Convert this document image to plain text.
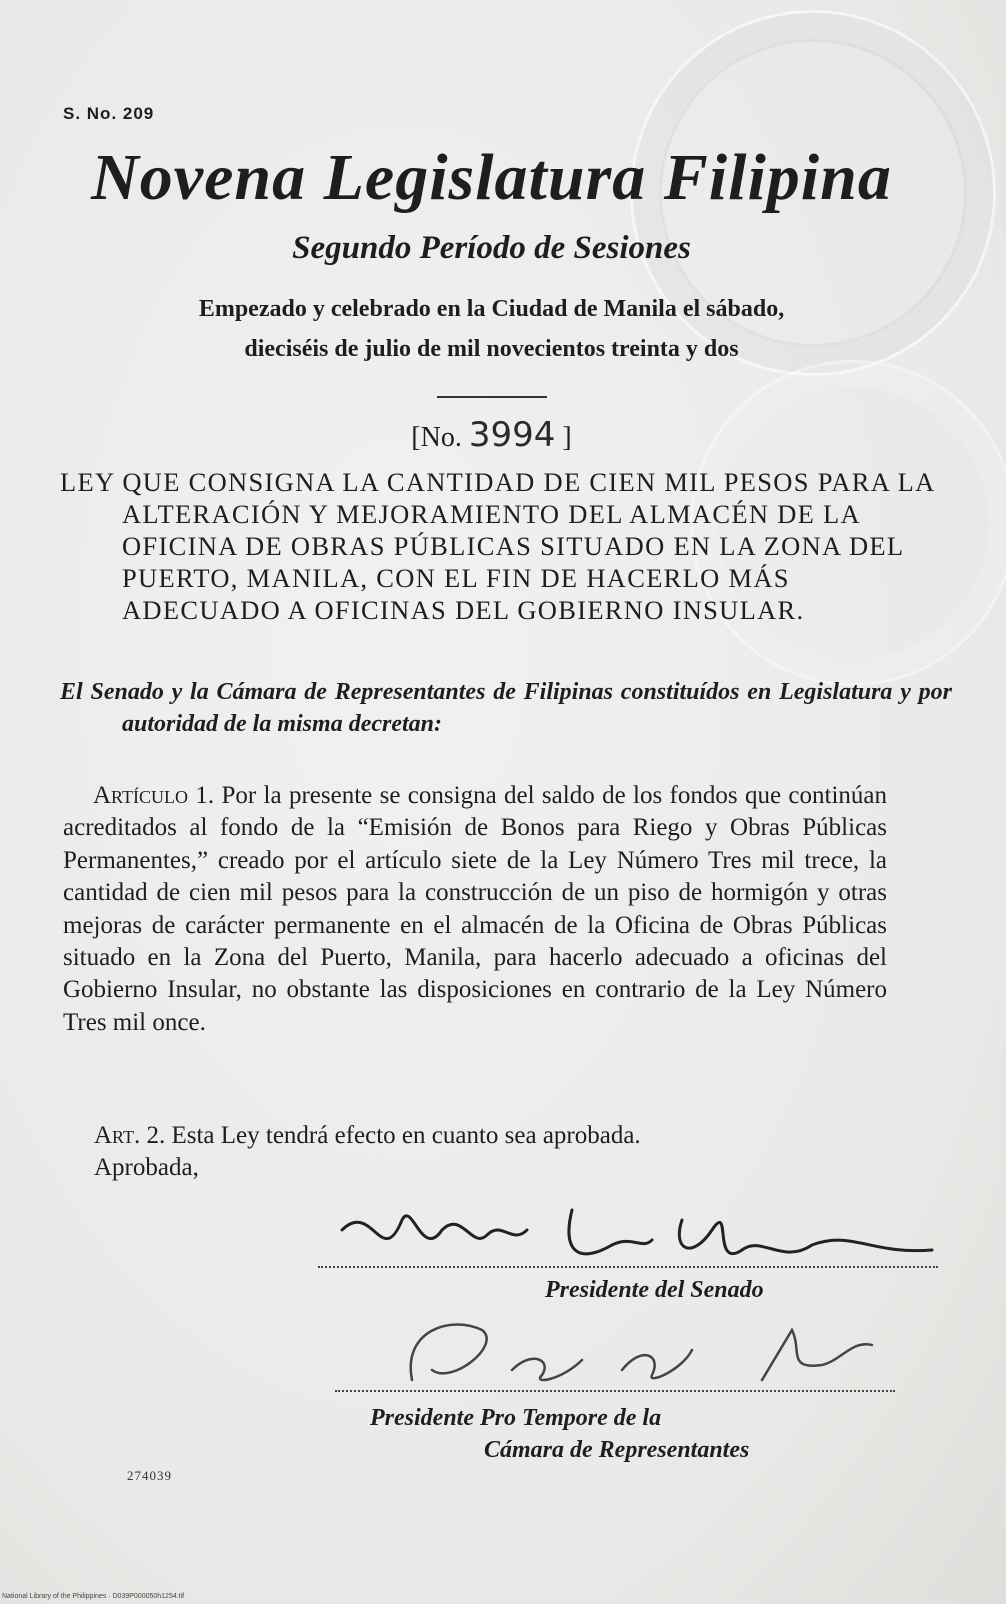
S. No. 209
Novena Legislatura Filipina
Segundo Período de Sesiones
Empezado y celebrado en la Ciudad de Manila el sábado,
dieciséis de julio de mil novecientos treinta y dos
[No. 3994 ]
LEY QUE CONSIGNA LA CANTIDAD DE CIEN MIL PESOS PARA LA ALTERACIÓN Y MEJORAMIENTO DEL ALMACÉN DE LA OFICINA DE OBRAS PÚBLICAS SITUADO EN LA ZONA DEL PUERTO, MANILA, CON EL FIN DE HACERLO MÁS ADECUADO A OFICINAS DEL GOBIERNO INSULAR.
El Senado y la Cámara de Representantes de Filipinas constituídos en Legislatura y por autoridad de la misma decretan:
Artículo 1. Por la presente se consigna del saldo de los fondos que continúan acreditados al fondo de la “Emisión de Bonos para Riego y Obras Públicas Permanentes,” creado por el artículo siete de la Ley Número Tres mil trece, la cantidad de cien mil pesos para la construcción de un piso de hormigón y otras mejoras de carácter permanente en el almacén de la Oficina de Obras Públicas situado en la Zona del Puerto, Manila, para hacerlo adecuado a oficinas del Gobierno Insular, no obstante las disposiciones en contrario de la Ley Número Tres mil once.
Art. 2. Esta Ley tendrá efecto en cuanto sea aprobada.
Aprobada,
Presidente del Senado
Presidente Pro Tempore de la
Cámara de Representantes
274039
National Library of the Philippines · D039P000050h1254.tif
